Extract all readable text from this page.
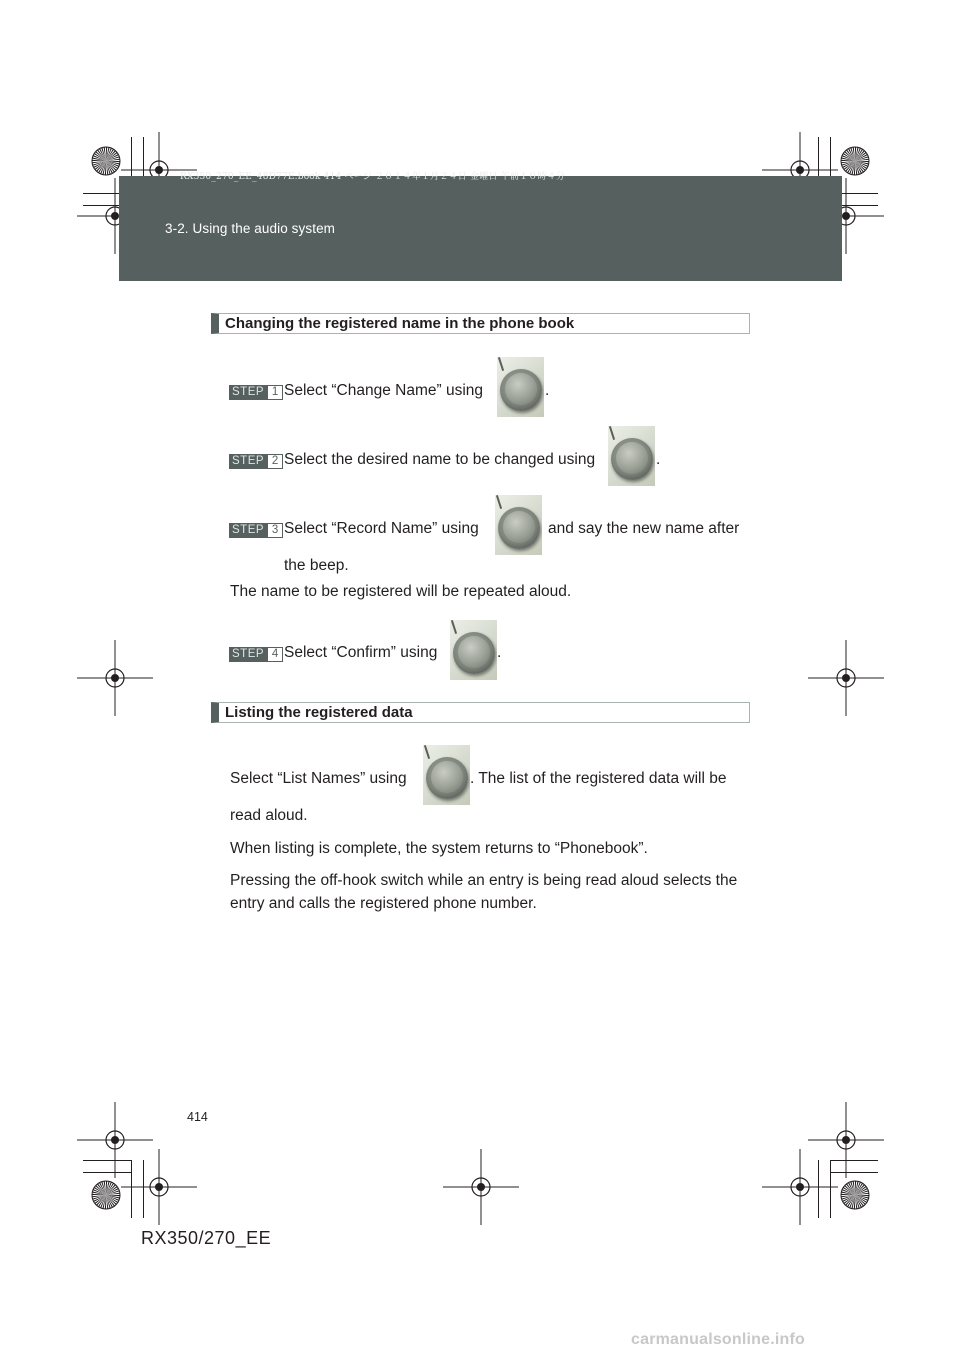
RX350_270_EE_48D77E.book 414 ページ ２０１４年１月２４日 金曜日 午前１０時４分
3-2. Using the audio system
Changing the registered name in the phone book
STEP 1 Select “Change Name” using	.
STEP 2 Select the desired name to be changed using	.
STEP 3 Select “Record Name” using	and say the new name after
the beep.
The name to be registered will be repeated aloud.
STEP 4 Select “Confirm” using	.
Listing the registered data
Select “List Names” using	. The list of the registered data will be
read aloud.
When listing is complete, the system returns to “Phonebook”.
Pressing the off-hook switch while an entry is being read aloud selects the
entry and calls the registered phone number.
414
RX350/270_EE
carmanualsonline.info
